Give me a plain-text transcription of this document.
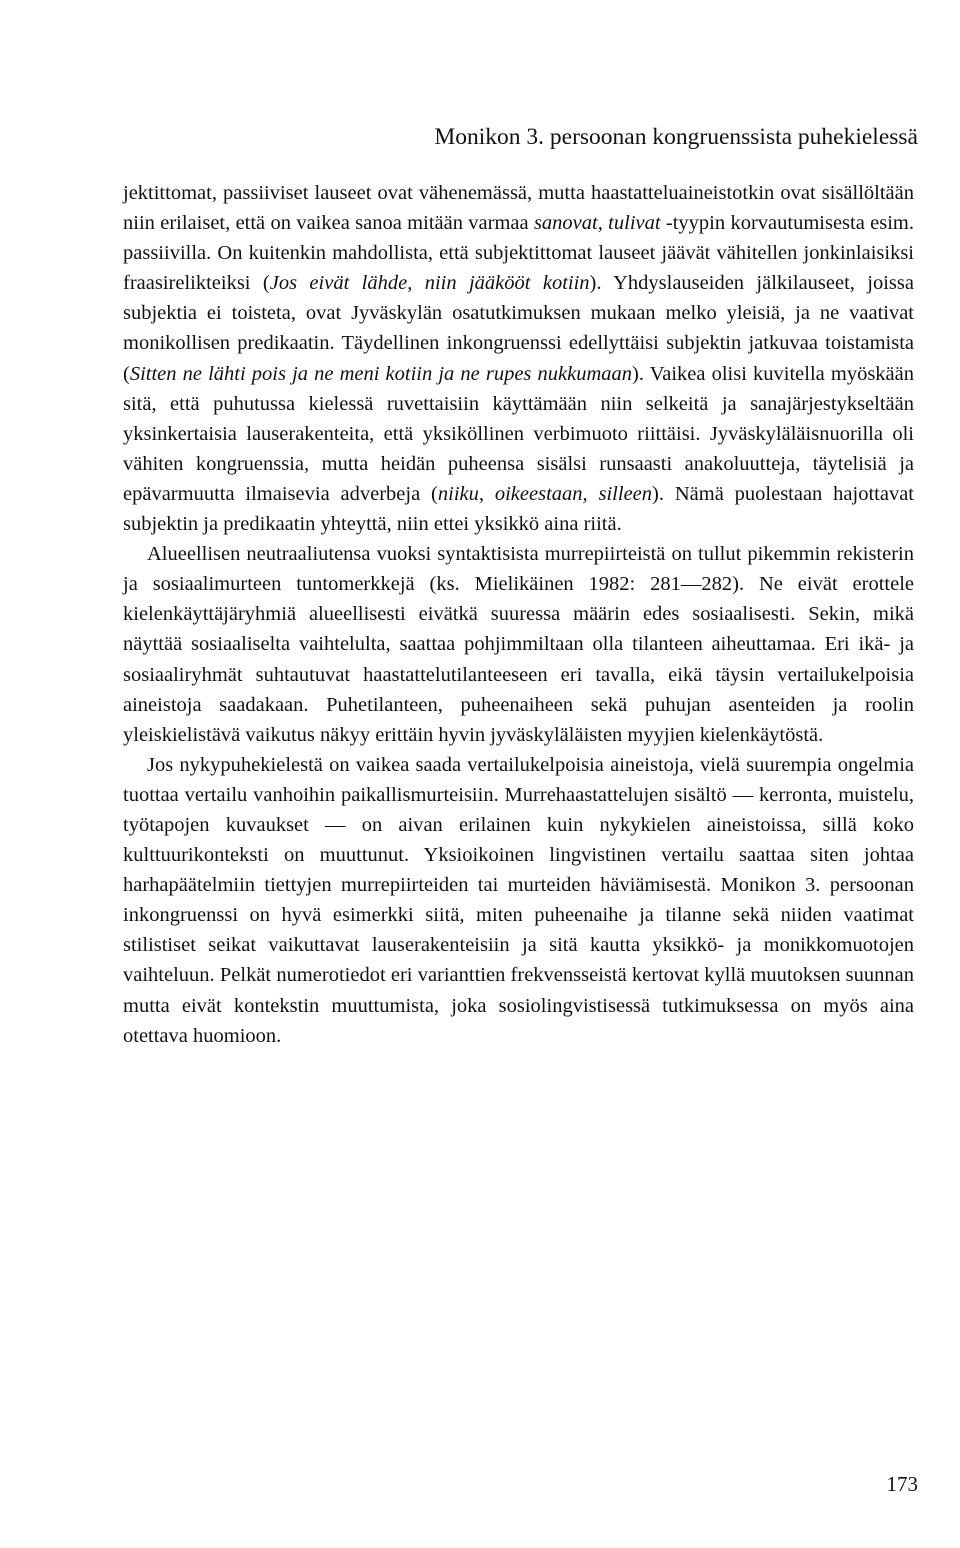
Monikon 3. persoonan kongruenssista puhekielessä

jektittomat, passiiviset lauseet ovat vähenemässä, mutta haastatteluaineistotkin ovat sisällöltään niin erilaiset, että on vaikea sanoa mitään varmaa sanovat, tulivat -tyypin korvautumisesta esim. passiivilla. On kuitenkin mahdollista, että subjektittomat lauseet jäävät vähitellen jonkinlaisiksi fraasirelikteiksi (Jos eivät lähde, niin jääkööt kotiin). Yhdyslauseiden jälkilauseet, joissa subjektia ei toisteta, ovat Jyväskylän osatutkimuksen mukaan melko yleisiä, ja ne vaativat monikollisen predikaatin. Täydellinen inkongruenssi edellyttäisi subjektin jatkuvaa toistamista (Sitten ne lähti pois ja ne meni kotiin ja ne rupes nukkumaan). Vaikea olisi kuvitella myöskään sitä, että puhutussa kielessä ruvettaisiin käyttämään niin selkeitä ja sanajärjestykseltään yksinkertaisia lauserakenteita, että yksiköllinen verbimuoto riittäisi. Jyväskyläläisnuorilla oli vähiten kongruenssia, mutta heidän puheensa sisälsi runsaasti anakoluutteja, täytelisiä ja epävarmuutta ilmaisevia adverbeja (niiku, oikeestaan, silleen). Nämä puolestaan hajottavat subjektin ja predikaatin yhteyttä, niin ettei yksikkö aina riitä.

Alueellisen neutraaliutensa vuoksi syntaktisista murrepiirteistä on tullut pikemmin rekisterin ja sosiaalimurteen tuntomerkkejä (ks. Mielikäinen 1982: 281—282). Ne eivät erottele kielenkäyttäjäryhmiä alueellisesti eivätkä suuressa määrin edes sosiaalisesti. Sekin, mikä näyttää sosiaaliselta vaihtelulta, saattaa pohjimmiltaan olla tilanteen aiheuttamaa. Eri ikä- ja sosiaaliryhmät suhtautuvat haastattelutilanteeseen eri tavalla, eikä täysin vertailukelpoisia aineistoja saadakaan. Puhetilanteen, puheenaiheen sekä puhujan asenteiden ja roolin yleiskielistävä vaikutus näkyy erittäin hyvin jyväskyläläisten myyjien kielenkäytöstä.

Jos nykypuhekielestä on vaikea saada vertailukelpoisia aineistoja, vielä suurempia ongelmia tuottaa vertailu vanhoihin paikallismurteisiin. Murrehaastattelujen sisältö — kerronta, muistelu, työtapojen kuvaukset — on aivan erilainen kuin nykykielen aineistoissa, sillä koko kulttuurikonteksti on muuttunut. Yksioikoinen lingvistinen vertailu saattaa siten johtaa harhapäätelmiin tiettyjen murrepiirteiden tai murteiden häviämisestä. Monikon 3. persoonan inkongruenssi on hyvä esimerkki siitä, miten puheenaihe ja tilanne sekä niiden vaatimat stilistiset seikat vaikuttavat lauserakenteisiin ja sitä kautta yksikkö- ja monikkomuotojen vaihteluun. Pelkät numerotiedot eri varianttien frekvensseistä kertovat kyllä muutoksen suunnan mutta eivät kontekstin muuttumista, joka sosiolingvistisessä tutkimuksessa on myös aina otettava huomioon.

173
